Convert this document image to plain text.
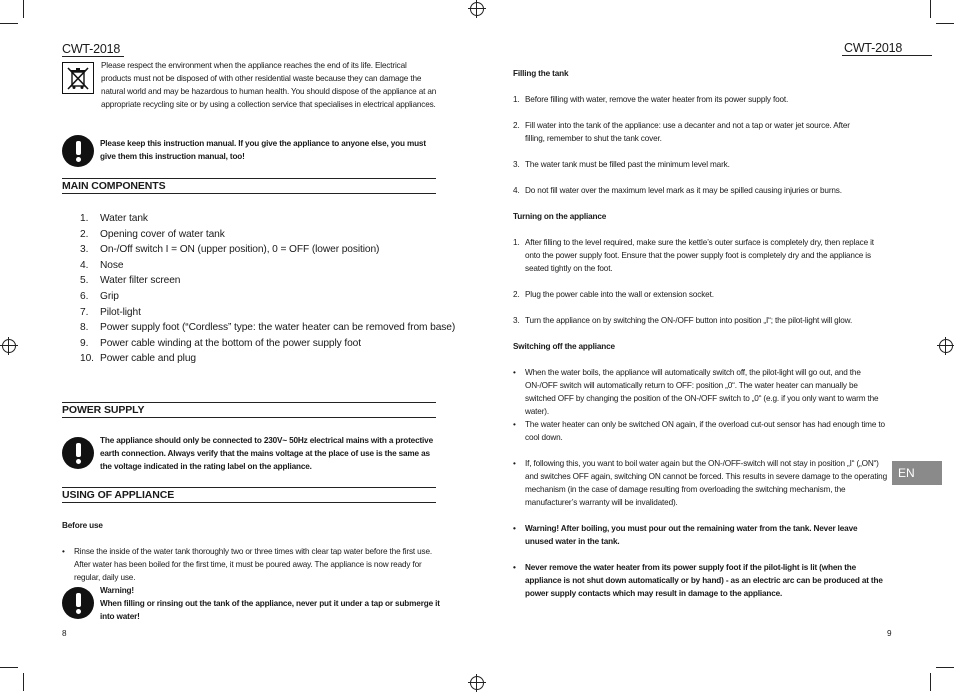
CWT-2018
Please respect the environment when the appliance reaches the end of its life. Electrical products must not be disposed of with other residential waste because they can damage the natural world and may be hazardous to human health. You should dispose of the appliance at an appropriate recycling site or by using a collection service that specialises in electrical appliances.
Please keep this instruction manual. If you give the appliance to anyone else, you must give them this instruction manual, too!
MAIN COMPONENTS
1. Water tank
2. Opening cover of water tank
3. On-/Off switch I = ON (upper position), 0 = OFF (lower position)
4. Nose
5. Water filter screen
6. Grip
7. Pilot-light
8. Power supply foot (“Cordless” type: the water heater can be removed from base)
9. Power cable winding at the bottom of the power supply foot
10. Power cable and plug
POWER SUPPLY
The appliance should only be connected to 230V~ 50Hz electrical mains with a protective earth connection. Always verify that the mains voltage at the place of use is the same as the voltage indicated in the rating label on the appliance.
USING OF APPLIANCE
Before use
• Rinse the inside of the water tank thoroughly two or three times with clear tap water before the first use. After water has been boiled for the first time, it must be poured away. The appliance is now ready for regular, daily use.
Warning!
When filling or rinsing out the tank of the appliance, never put it under a tap or submerge it into water!
8
CWT-2018
Filling the tank
1. Before filling with water, remove the water heater from its power supply foot.
2. Fill water into the tank of the appliance: use a decanter and not a tap or water jet source. After filling, remember to shut the tank cover.
3. The water tank must be filled past the minimum level mark.
4. Do not fill water over the maximum level mark as it may be spilled causing injuries or burns.
Turning on the appliance
1. After filling to the level required, make sure the kettle’s outer surface is completely dry, then replace it onto the power supply foot. Ensure that the power supply foot is completely dry and the appliance is seated tightly on the foot.
2. Plug the power cable into the wall or extension socket.
3. Turn the appliance on by switching the ON-/OFF button into position „I“; the pilot-light will glow.
Switching off the appliance
• When the water boils, the appliance will automatically switch off, the pilot-light will go out, and the ON-/OFF switch will automatically return to OFF: position „0“. The water heater can manually be switched OFF by changing the position of the ON-/OFF switch to „0“ (e.g. if you only want to warm the water).
• The water heater can only be switched ON again, if the overload cut-out sensor has had enough time to cool down.
• If, following this, you want to boil water again but the ON-/OFF-switch will not stay in position „I“ („ON“) and switches OFF again, switching ON cannot be forced. This results in severe damage to the operating mechanism (in the case of damage resulting from overloading the switching mechanism, the manufacturer’s warranty will be invalidated).
• Warning! After boiling, you must pour out the remaining water from the tank. Never leave unused water in the tank.
• Never remove the water heater from its power supply foot if the pilot-light is lit (when the appliance is not shut down automatically or by hand) - as an electric arc can be produced at the power supply contacts which may result in damage to the appliance.
EN
9
